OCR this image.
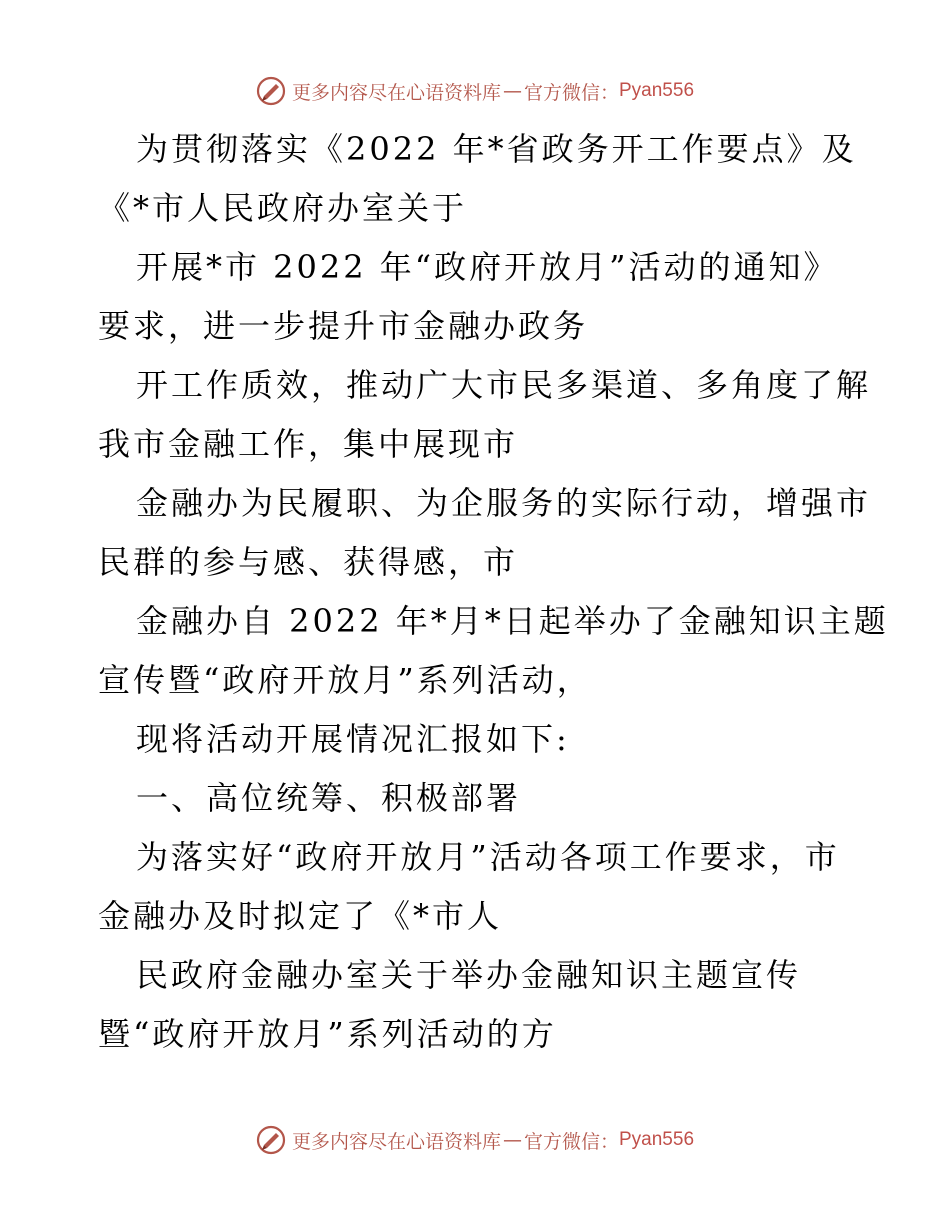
更多内容尽在心语资料库 — 官方微信： Pyan556
为贯彻落实《2022 年*省政务开工作要点》及
《*市人民政府办室关于
开展*市 2022 年“政府开放月”活动的通知》
要求，进一步提升市金融办政务
开工作质效，推动广大市民多渠道、多角度了解
我市金融工作，集中展现市
金融办为民履职、为企服务的实际行动，增强市
民群的参与感、获得感，市
金融办自 2022 年*月*日起举办了金融知识主题
宣传暨“政府开放月”系列活动，
现将活动开展情况汇报如下:
一、高位统筹、积极部署
为落实好“政府开放月”活动各项工作要求，市
金融办及时拟定了《*市人
民政府金融办室关于举办金融知识主题宣传
暨“政府开放月”系列活动的方
更多内容尽在心语资料库 — 官方微信： Pyan556
